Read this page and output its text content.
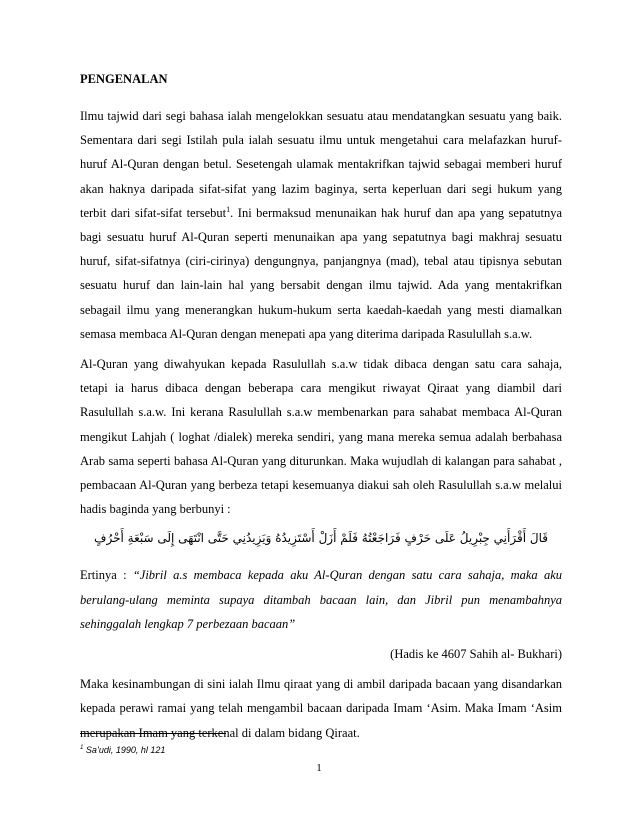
PENGENALAN

Ilmu tajwid dari segi bahasa ialah mengelokkan sesuatu atau mendatangkan sesuatu yang baik. Sementara dari segi Istilah pula ialah sesuatu ilmu untuk mengetahui cara melafazkan huruf-huruf Al-Quran dengan betul. Sesetengah ulamak mentakrifkan tajwid sebagai memberi huruf akan haknya daripada sifat-sifat yang lazim baginya, serta keperluan dari segi hukum yang terbit dari sifat-sifat tersebut$^1$. Ini bermaksud menunaikan hak huruf dan apa yang sepatutnya bagi sesuatu huruf Al-Quran seperti menunaikan apa yang sepatutnya bagi makhraj sesuatu huruf, sifat-sifatnya (ciri-cirinya) dengungnya, panjangnya (mad), tebal atau tipisnya sebutan sesuatu huruf dan lain-lain hal yang bersabit dengan ilmu tajwid. Ada yang mentakrifkan sebagail ilmu yang menerangkan hukum-hukum serta kaedah-kaedah yang mesti diamalkan semasa membaca Al-Quran dengan menepati apa yang diterima daripada Rasulullah s.a.w.

Al-Quran yang diwahyukan kepada Rasulullah s.a.w tidak dibaca dengan satu cara sahaja, tetapi ia harus dibaca dengan beberapa cara mengikut riwayat Qiraat yang diambil dari Rasulullah s.a.w. Ini kerana Rasulullah s.a.w membenarkan para sahabat membaca Al-Quran mengikut Lahjah ( loghat /dialek) mereka sendiri, yang mana mereka semua adalah berbahasa Arab sama seperti bahasa Al-Quran yang diturunkan. Maka wujudlah di kalangan para sahabat , pembacaan Al-Quran yang berbeza tetapi kesemuanya diakui sah oleh Rasulullah s.a.w melalui hadis baginda yang berbunyi :

قَالَ أَقْرَأَنِي جِبْرِيلُ عَلَى حَرْفٍ فَرَاجَعْتُهُ فَلَمْ أَزَلْ أَسْتَزِيدُهُ وَيَزِيدُنِي حَتَّى انْتَهَى إِلَى سَبْعَةِ أَحْرُفٍ

Ertinya : “Jibril a.s membaca kepada aku Al-Quran dengan satu cara sahaja, maka aku berulang-ulang meminta supaya ditambah bacaan lain, dan Jibril pun menambahnya sehinggalah lengkap 7 perbezaan bacaan”

(Hadis ke 4607 Sahih al- Bukhari)

Maka kesinambungan di sini ialah Ilmu qiraat yang di ambil daripada bacaan yang disandarkan kepada perawi ramai yang telah mengambil bacaan daripada Imam ‘Asim. Maka Imam ‘Asim merupakan Imam yang terkenal di dalam bidang Qiraat.

$^1$ Sa’udi, 1990, hl 121
1
